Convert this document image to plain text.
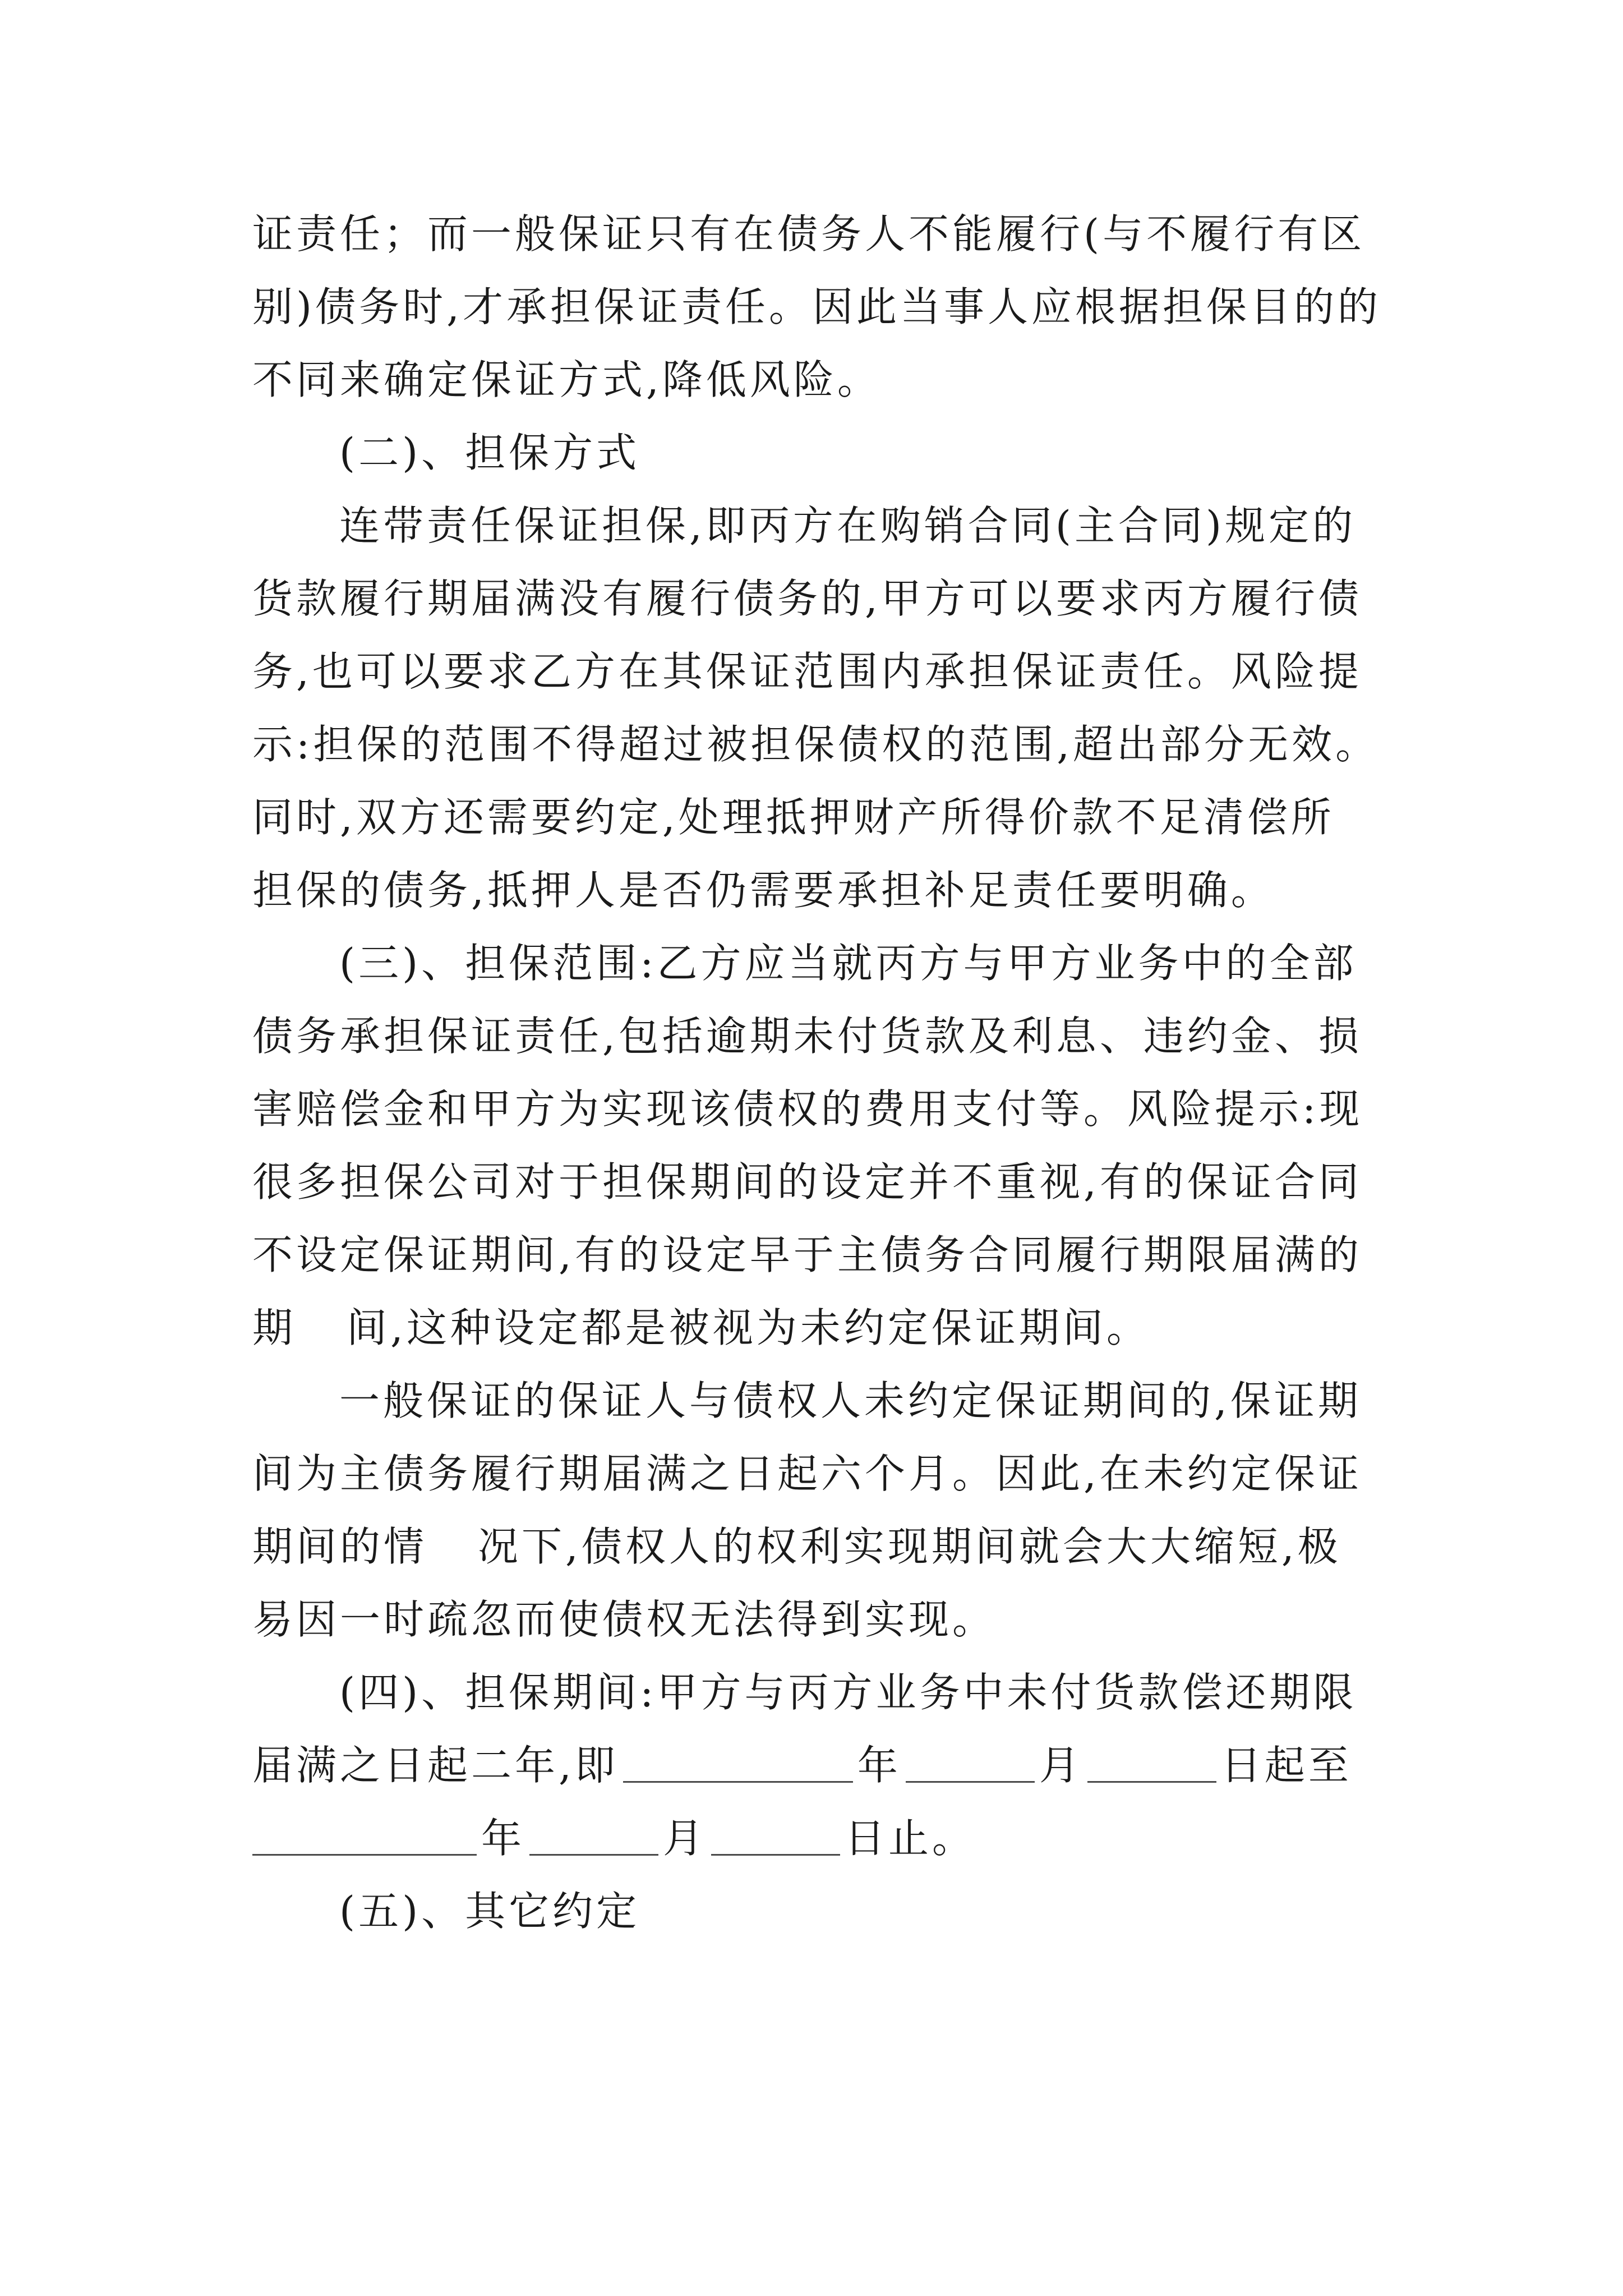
证责任；而一般保证只有在债务人不能履行(与不履行有区
别)债务时,才承担保证责任。因此当事人应根据担保目的的
不同来确定保证方式,降低风险。
(二)、担保方式
连带责任保证担保,即丙方在购销合同(主合同)规定的
货款履行期届满没有履行债务的,甲方可以要求丙方履行债
务,也可以要求乙方在其保证范围内承担保证责任。风险提
示:担保的范围不得超过被担保债权的范围,超出部分无效。
同时,双方还需要约定,处理抵押财产所得价款不足清偿所
担保的债务,抵押人是否仍需要承担补足责任要明确。
(三)、担保范围:乙方应当就丙方与甲方业务中的全部
债务承担保证责任,包括逾期未付货款及利息、违约金、损
害赔偿金和甲方为实现该债权的费用支付等。风险提示:现
很多担保公司对于担保期间的设定并不重视,有的保证合同
不设定保证期间,有的设定早于主债务合同履行期限届满的
期 间,这种设定都是被视为未约定保证期间。
一般保证的保证人与债权人未约定保证期间的,保证期
间为主债务履行期届满之日起六个月。因此,在未约定保证
期间的情 况下,债权人的权利实现期间就会大大缩短,极
易因一时疏忽而使债权无法得到实现。
(四)、担保期间:甲方与丙方业务中未付货款偿还期限
届满之日起二年,即	年	月	日起至
年	月	日止。
(五)、其它约定
